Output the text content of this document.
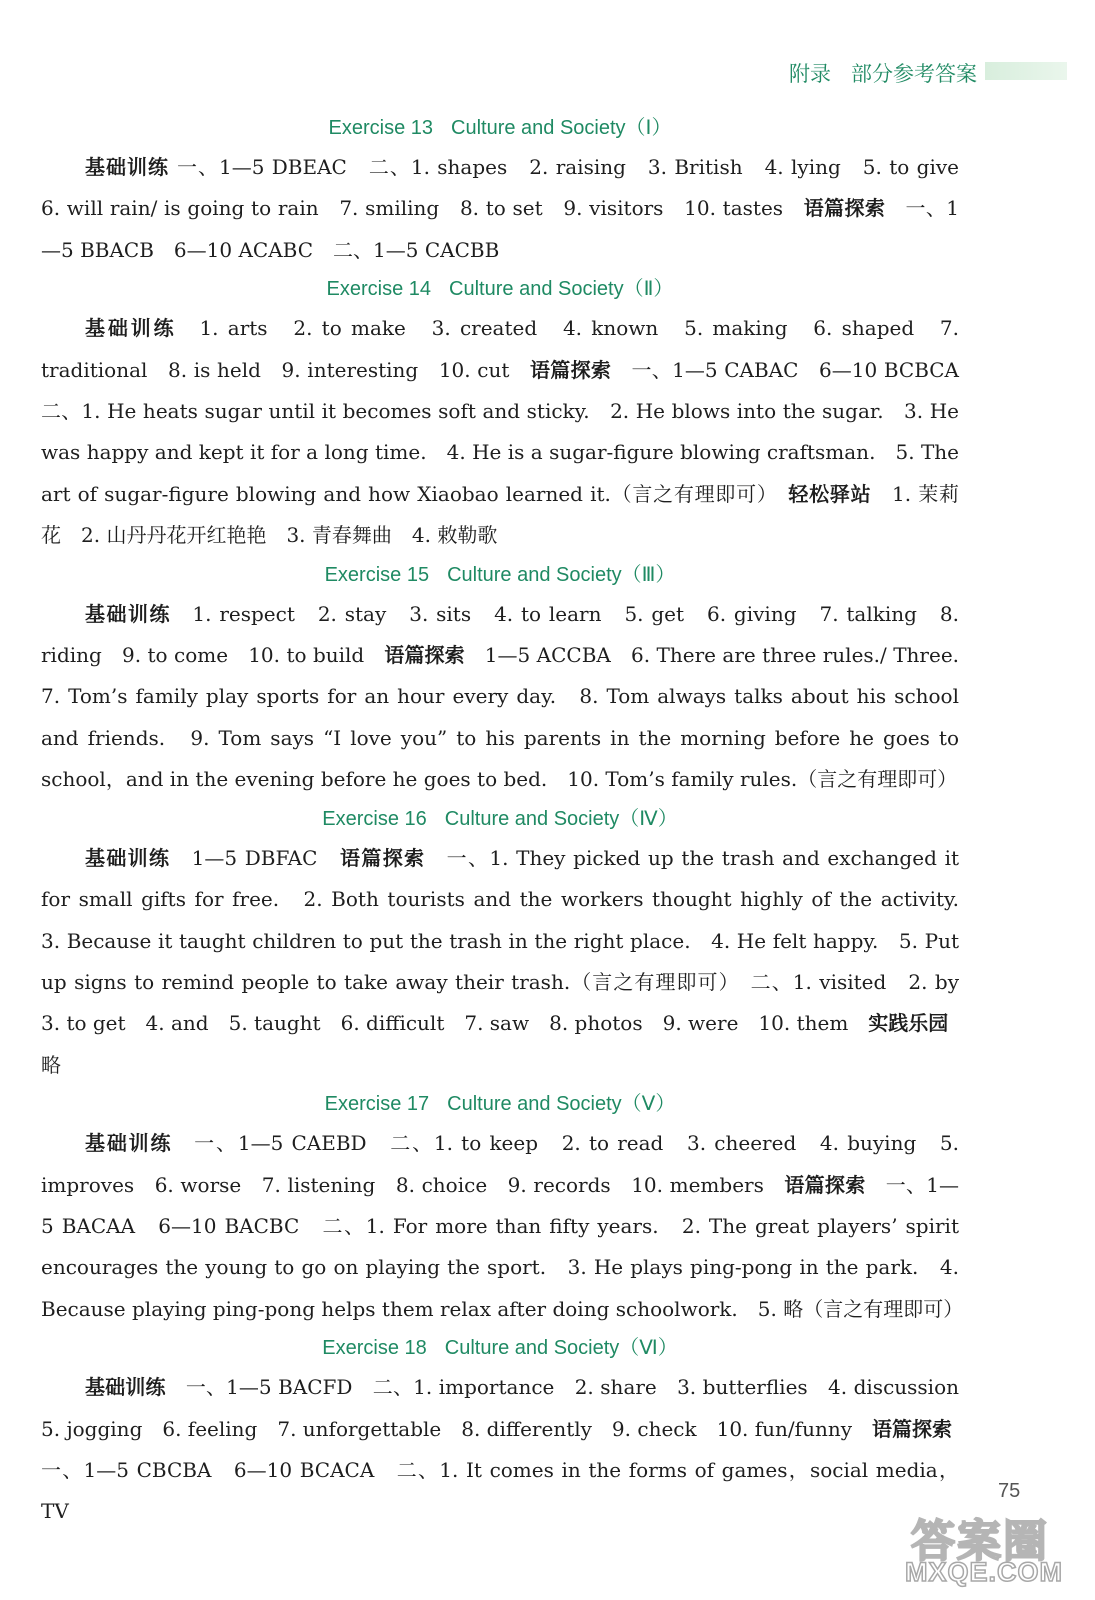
附录 部分参考答案
Exercise 13 Culture and Society（Ⅰ）

基础训练 一、1—5 DBEAC　二、1. shapes　2. raising　3. British　4. lying　5. to give　6. will rain/ is going to rain　7. smiling　8. to set　9. visitors　10. tastes　语篇探索　一、1—5 BBACB　6—10 ACABC　二、1—5 CACBB

Exercise 14 Culture and Society（Ⅱ）

基础训练　1. arts　2. to make　3. created　4. known　5. making　6. shaped　7. traditional　8. is held　9. interesting　10. cut　语篇探索　一、1—5 CABAC　6—10 BCBCA　二、1. He heats sugar until it becomes soft and sticky.　2. He blows into the sugar.　3. He was happy and kept it for a long time.　4. He is a sugar-figure blowing craftsman.　5. The art of sugar-figure blowing and how Xiaobao learned it.（言之有理即可）　轻松驿站　1. 茉莉花　2. 山丹丹花开红艳艳　3. 青春舞曲　4. 敕勒歌

Exercise 15 Culture and Society（Ⅲ）

基础训练　1. respect　2. stay　3. sits　4. to learn　5. get　6. giving　7. talking　8. riding　9. to come　10. to build　语篇探索　1—5 ACCBA　6. There are three rules./ Three.　7. Tom’s family play sports for an hour every day.　8. Tom always talks about his school and friends.　9. Tom says “I love you” to his parents in the morning before he goes to school，and in the evening before he goes to bed.　10. Tom’s family rules.（言之有理即可）

Exercise 16 Culture and Society（Ⅳ）

基础训练　1—5 DBFAC　语篇探索　一、1. They picked up the trash and exchanged it for small gifts for free.　2. Both tourists and the workers thought highly of the activity.　3. Because it taught children to put the trash in the right place.　4. He felt happy.　5. Put up signs to remind people to take away their trash.（言之有理即可）　二、1. visited　2. by　3. to get　4. and　5. taught　6. difficult　7. saw　8. photos　9. were　10. them　实践乐园　略

Exercise 17 Culture and Society（Ⅴ）

基础训练　一、1—5 CAEBD　二、1. to keep　2. to read　3. cheered　4. buying　5. improves　6. worse　7. listening　8. choice　9. records　10. members　语篇探索　一、1—5 BACAA　6—10 BACBC　二、1. For more than fifty years.　2. The great players’ spirit encourages the young to go on playing the sport.　3. He plays ping-pong in the park.　4. Because playing ping-pong helps them relax after doing schoolwork.　5. 略（言之有理即可）

Exercise 18 Culture and Society（Ⅵ）

基础训练　一、1—5 BACFD　二、1. importance　2. share　3. butterflies　4. discussion　5. jogging　6. feeling　7. unforgettable　8. differently　9. check　10. fun/funny　语篇探索　一、1—5 CBCBA　6—10 BCACA　二、1. It comes in the forms of games，social media，TV

75
答案圈
MXQE.COM
